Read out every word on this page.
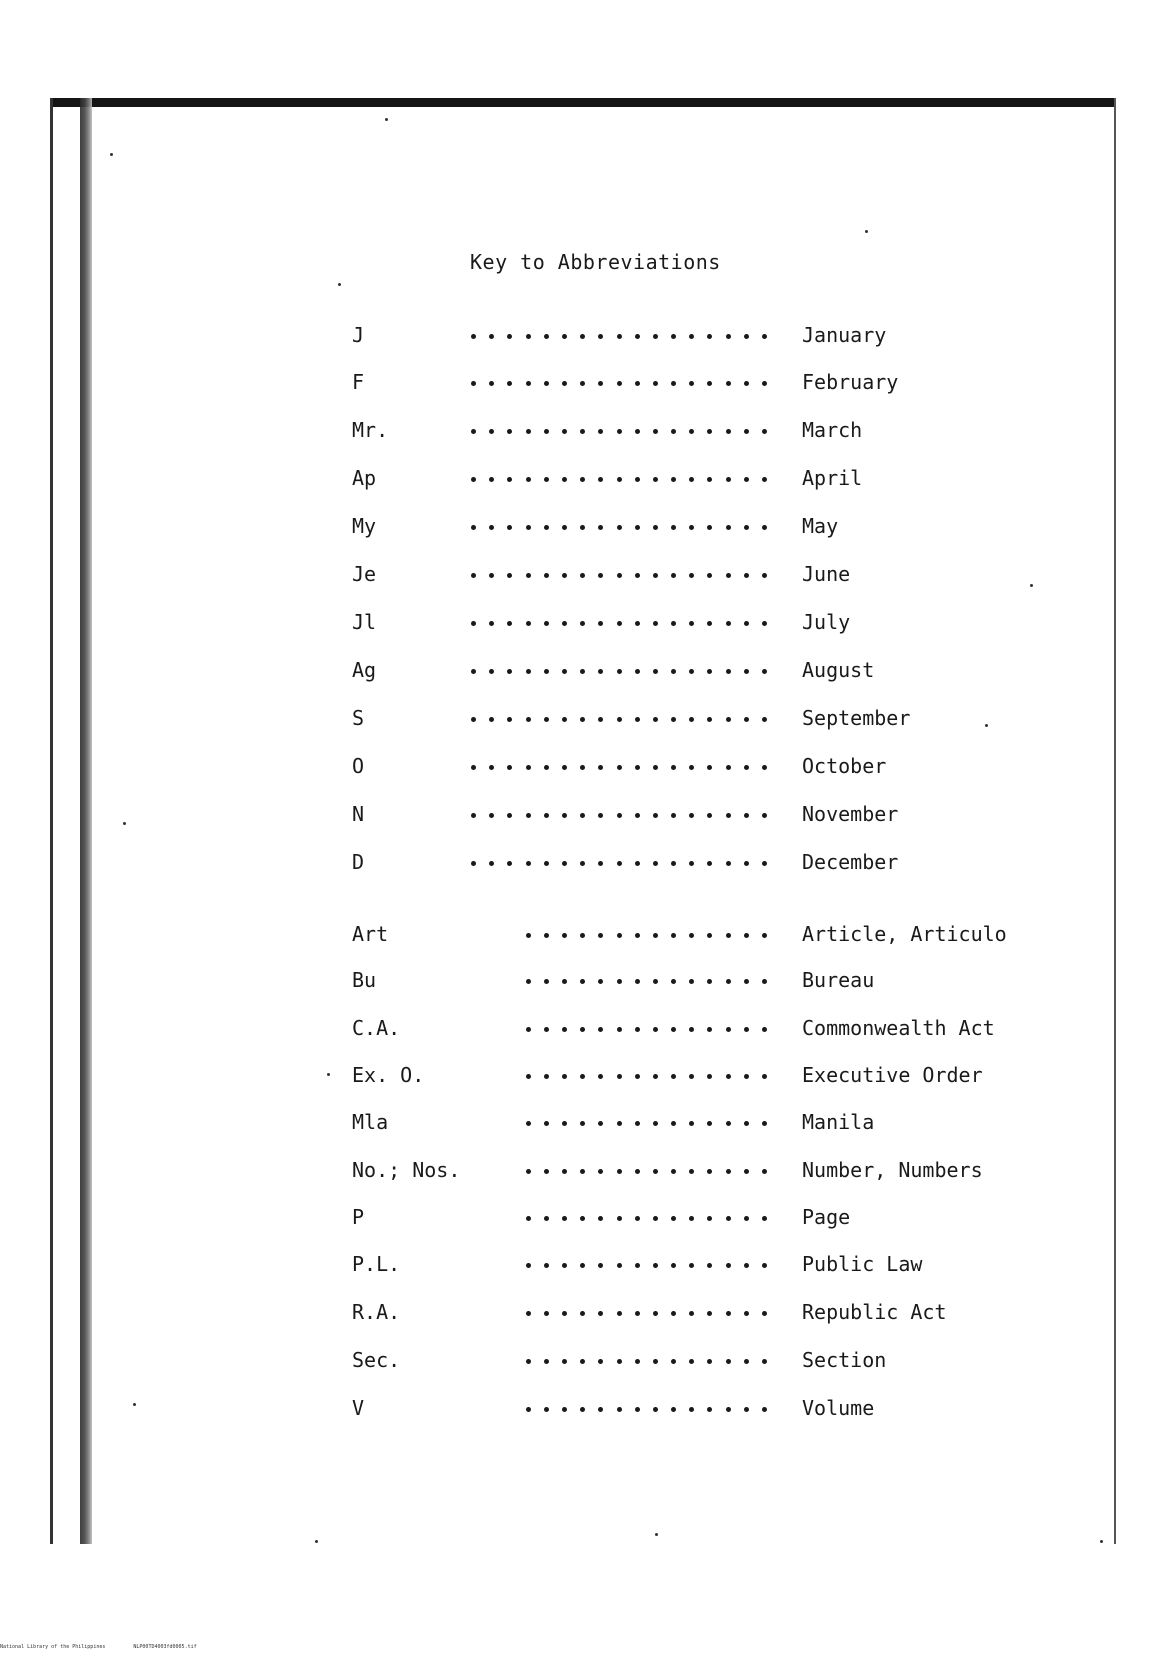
Key to Abbreviations
J	January
F	February
Mr.	March
Ap	April
My	May
Je	June
Jl	July
Ag	August
S	September
O	October
N	November
D	December
Art	Article, Articulo
Bu	Bureau
C.A.	Commonwealth Act
Ex. O.	Executive Order
Mla	Manila
No.; Nos.	Number, Numbers
P	Page
P.L.	Public Law
R.A.	Republic Act
Sec.	Section
V	Volume
National Library of the Philippines	NLP00TD4003fd0005.tif
